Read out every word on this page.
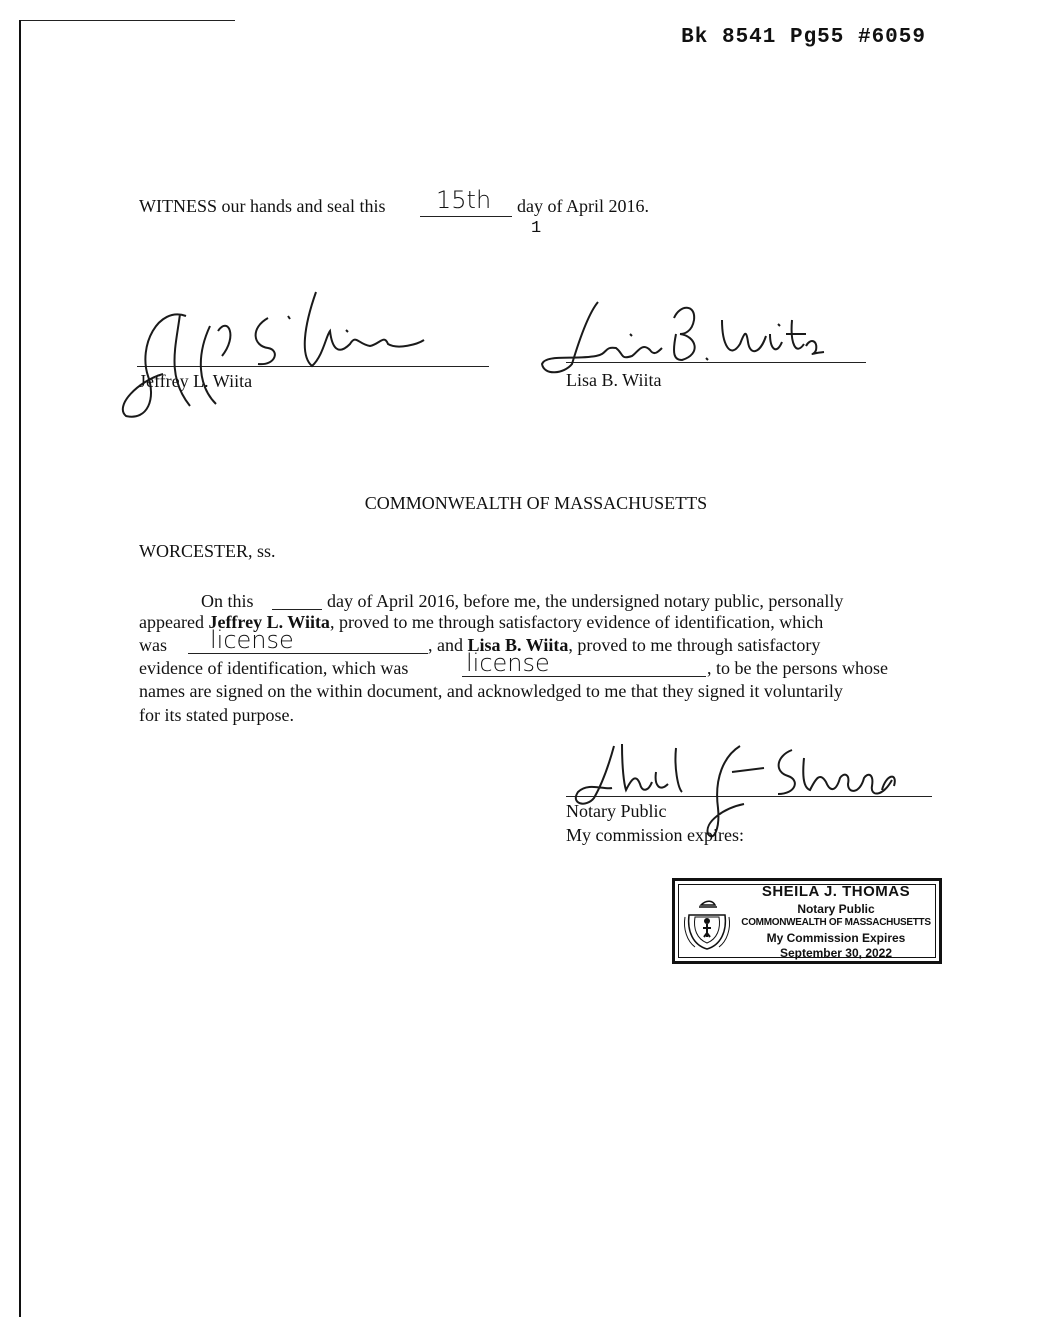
Bk 8541 Pg55 #6059
WITNESS our hands and seal this 15th day of April 2016.
1
Jeffrey L. Wiita	Lisa B. Wiita
COMMONWEALTH OF MASSACHUSETTS
WORCESTER, ss.
On this	day of April 2016, before me, the undersigned notary public, personally
appeared Jeffrey L. Wiita, proved to me through satisfactory evidence of identification, which
was license	, and Lisa B. Wiita, proved to me through satisfactory
evidence of identification, which was license	, to be the persons whose
names are signed on the within document, and acknowledged to me that they signed it voluntarily
for its stated purpose.
Notary Public
My commission expires:
SHEILA J. THOMAS
Notary Public
COMMONWEALTH OF MASSACHUSETTS
My Commission Expires
September 30, 2022
